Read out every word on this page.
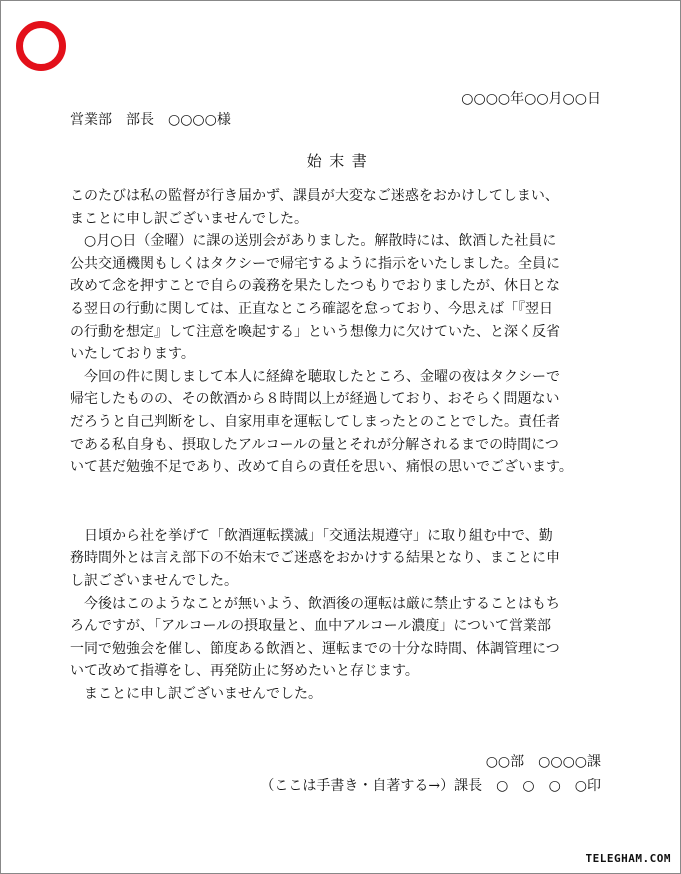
○○○○年○○月○○日
営業部　部長　○○○○様
始末書
このたびは私の監督が行き届かず、課員が大変なご迷惑をおかけしてしまい、
まことに申し訳ございませんでした。
　○月○日（金曜）に課の送別会がありました。解散時には、飲酒した社員に
公共交通機関もしくはタクシーで帰宅するように指示をいたしました。全員に
改めて念を押すことで自らの義務を果たしたつもりでおりましたが、休日とな
る翌日の行動に関しては、正直なところ確認を怠っており、今思えば「『翌日
の行動を想定』して注意を喚起する」という想像力に欠けていた、と深く反省
いたしております。
　今回の件に関しまして本人に経緯を聴取したところ、金曜の夜はタクシーで
帰宅したものの、その飲酒から８時間以上が経過しており、おそらく問題ない
だろうと自己判断をし、自家用車を運転してしまったとのことでした。責任者
である私自身も、摂取したアルコールの量とそれが分解されるまでの時間につ
いて甚だ勉強不足であり、改めて自らの責任を思い、痛恨の思いでございます。
　日頃から社を挙げて「飲酒運転撲滅」「交通法規遵守」に取り組む中で、勤
務時間外とは言え部下の不始末でご迷惑をおかけする結果となり、まことに申
し訳ございませんでした。
　今後はこのようなことが無いよう、飲酒後の運転は厳に禁止することはもち
ろんですが、「アルコールの摂取量と、血中アルコール濃度」について営業部
一同で勉強会を催し、節度ある飲酒と、運転までの十分な時間、体調管理につ
いて改めて指導をし、再発防止に努めたいと存じます。
　まことに申し訳ございませんでした。
○○部　○○○○課
（ここは手書き・自著する→）課長　○　○　○　○印
TELEGHAM.COM
